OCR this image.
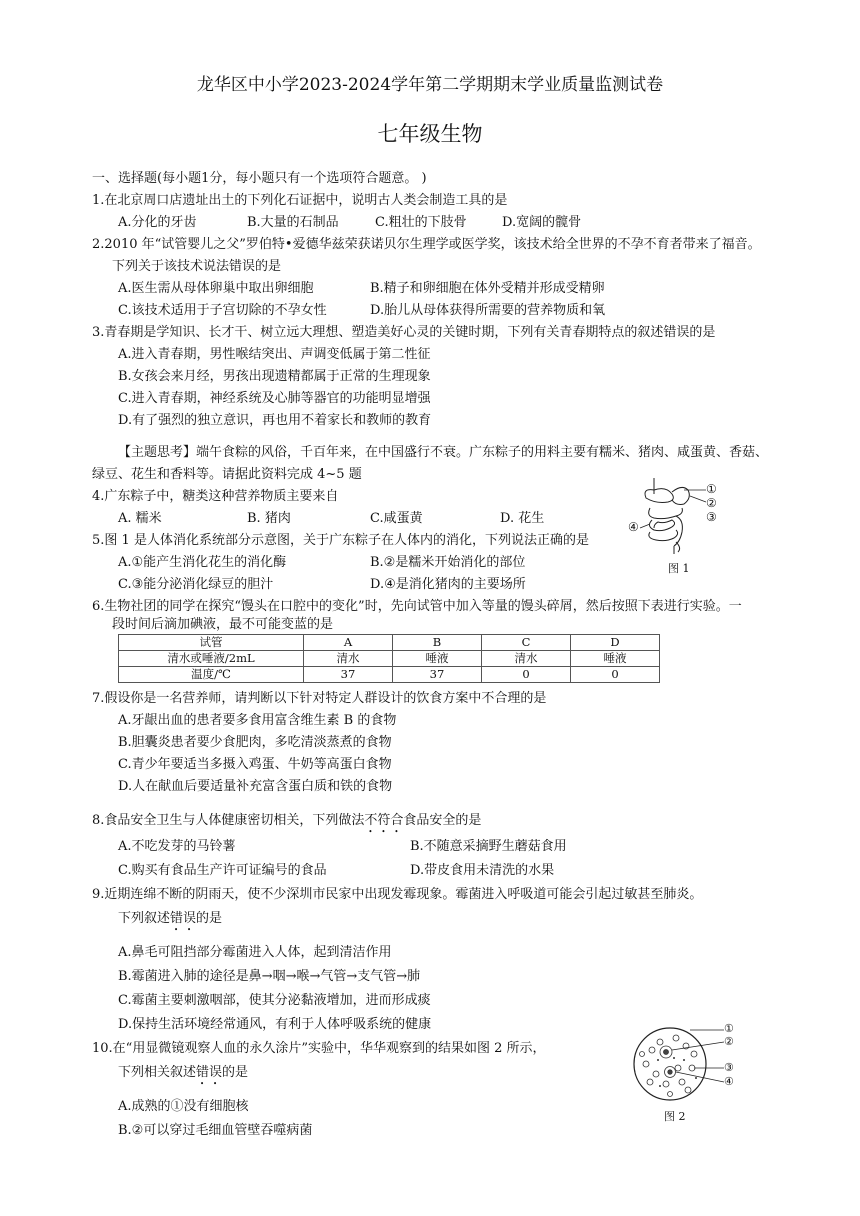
龙华区中小学2023-2024学年第二学期期末学业质量监测试卷
七年级生物
一、选择题(每小题1分，每小题只有一个选项符合题意。 )
1.在北京周口店遗址出土的下列化石证据中，说明古人类会制造工具的是
A.分化的牙齿	B.大量的石制品	C.粗壮的下肢骨	D.宽阔的髋骨
2.2010 年“试管婴儿之父”罗伯特•爱德华兹荣获诺贝尔生理学或医学奖，该技术给全世界的不孕不育者带来了福音。
下列关于该技术说法错误的是
A.医生需从母体卵巢中取出卵细胞	B.精子和卵细胞在体外受精并形成受精卵
C.该技术适用于子宫切除的不孕女性	D.胎儿从母体获得所需要的营养物质和氧
3.青春期是学知识、长才干、树立远大理想、塑造美好心灵的关键时期，下列有关青春期特点的叙述错误的是
A.进入青春期，男性喉结突出、声调变低属于第二性征
B.女孩会来月经，男孩出现遗精都属于正常的生理现象
C.进入青春期，神经系统及心肺等器官的功能明显增强
D.有了强烈的独立意识，再也用不着家长和教师的教育
【主题思考】端午食粽的风俗，千百年来，在中国盛行不衰。广东粽子的用料主要有糯米、猪肉、咸蛋黄、香菇、
绿豆、花生和香料等。请据此资料完成 4~5 题
4.广东粽子中，糖类这种营养物质主要来自
A. 糯米	B. 猪肉	C.咸蛋黄	D. 花生
5.图 1 是人体消化系统部分示意图，关于广东粽子在人体内的消化，下列说法正确的是
A.①能产生消化花生的消化酶	B.②是糯米开始消化的部位
C.③能分泌消化绿豆的胆汁	D.④是消化猪肉的主要场所
①
②
③
④
图 1
6.生物社团的同学在探究“馒头在口腔中的变化”时，先向试管中加入等量的馒头碎屑，然后按照下表进行实验。一
段时间后滴加碘液，最不可能变蓝的是
试管	A	B	C	D
清水或唾液/2mL	清水	唾液	清水	唾液
温度/℃	37	37	0	0
7.假设你是一名营养师，请判断以下针对特定人群设计的饮食方案中不合理的是
A.牙龈出血的患者要多食用富含维生素 B 的食物
B.胆囊炎患者要少食肥肉，多吃清淡蒸煮的食物
C.青少年要适当多摄入鸡蛋、牛奶等高蛋白食物
D.人在献血后要适量补充富含蛋白质和铁的食物
8.食品安全卫生与人体健康密切相关，下列做法不符合食品安全的是
A.不吃发芽的马铃薯	B.不随意采摘野生蘑菇食用
C.购买有食品生产许可证编号的食品	D.带皮食用未清洗的水果
9.近期连绵不断的阴雨天，使不少深圳市民家中出现发霉现象。霉菌进入呼吸道可能会引起过敏甚至肺炎。
下列叙述错误的是
A.鼻毛可阻挡部分霉菌进入人体，起到清洁作用
B.霉菌进入肺的途径是鼻→咽→喉→气管→支气管→肺
C.霉菌主要刺激咽部，使其分泌黏液增加，进而形成痰
D.保持生活环境经常通风，有利于人体呼吸系统的健康
10.在“用显微镜观察人血的永久涂片”实验中，华华观察到的结果如图 2 所示，
下列相关叙述错误的是
A.成熟的①没有细胞核
B.②可以穿过毛细血管壁吞噬病菌
①
②
③
④
图 2
